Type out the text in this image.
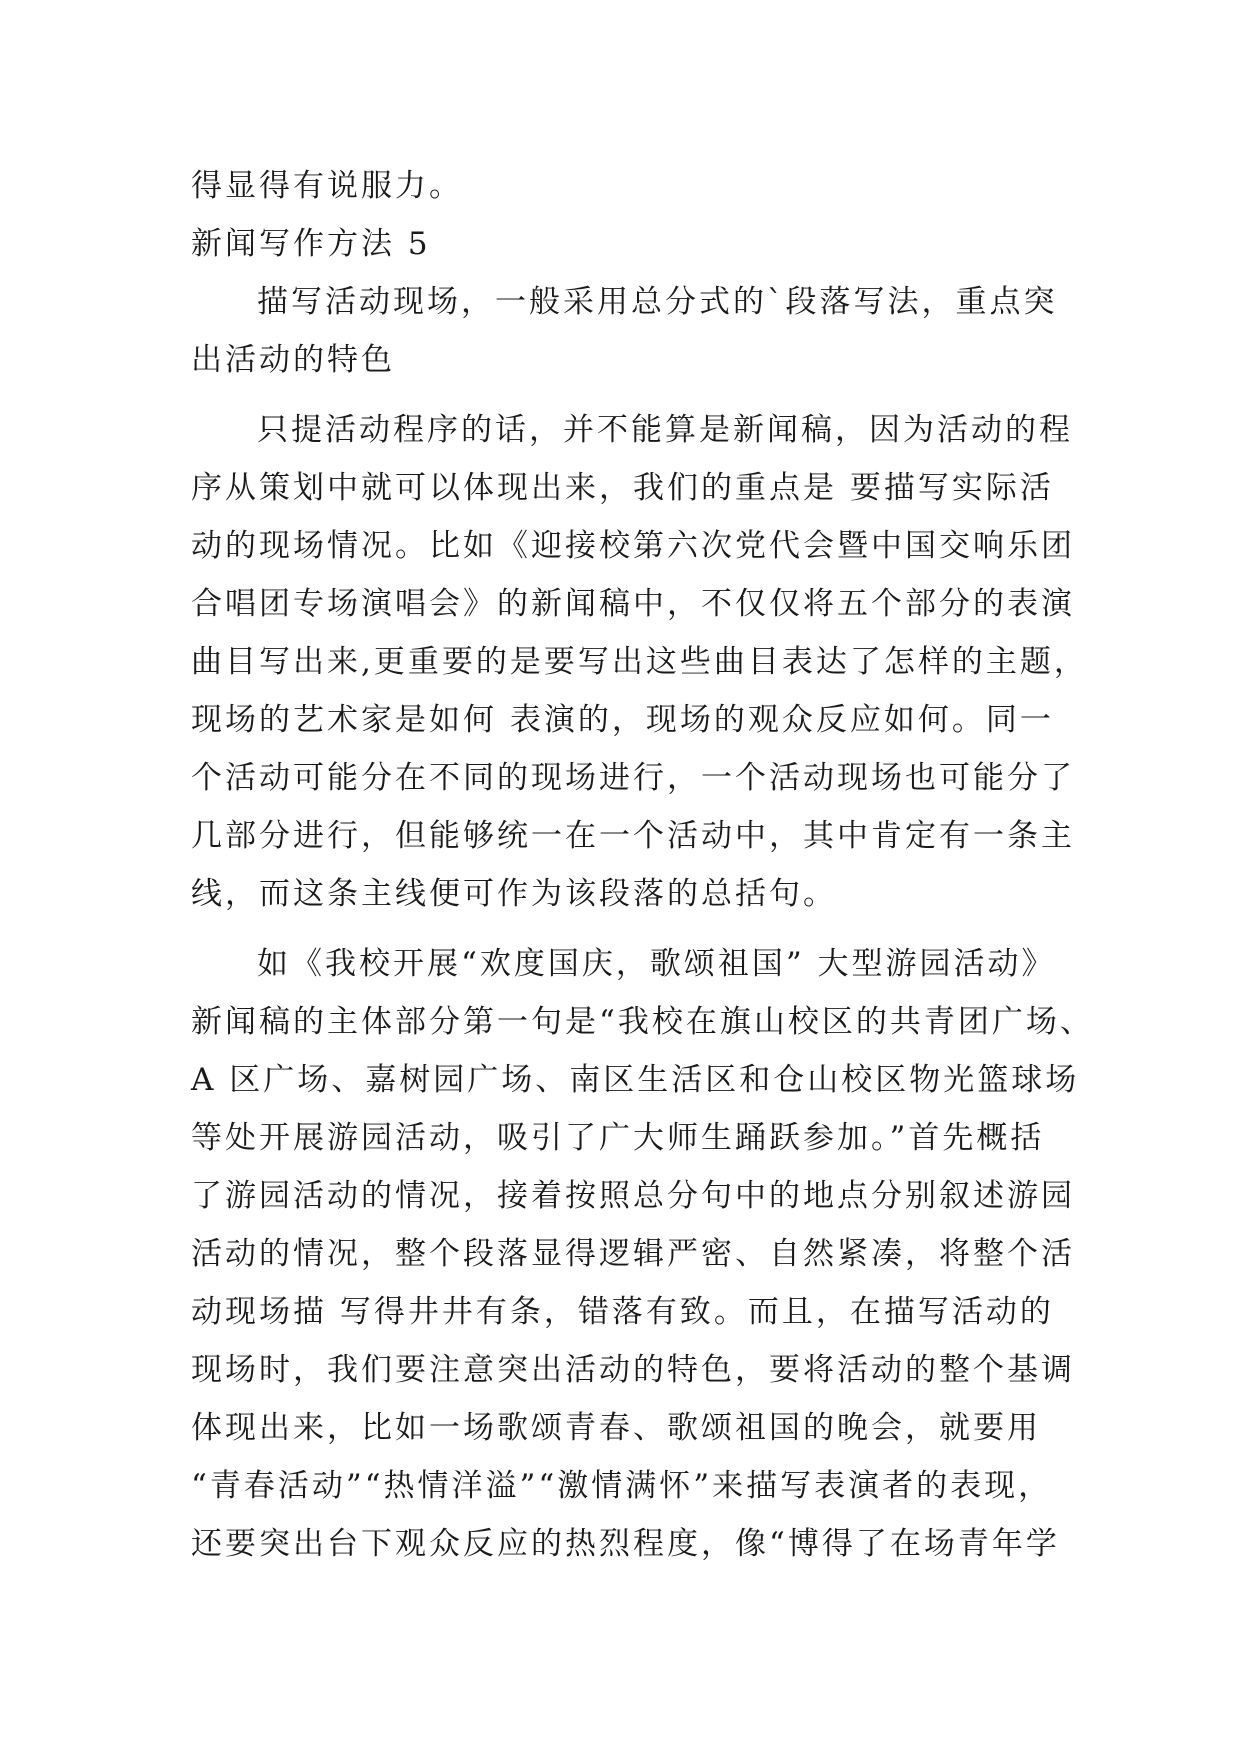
得显得有说服力。
新闻写作方法 5
描写活动现场，一般采用总分式的`段落写法，重点突
出活动的特色
只提活动程序的话，并不能算是新闻稿，因为活动的程
序从策划中就可以体现出来，我们的重点是 要描写实际活
动的现场情况。比如《迎接校第六次党代会暨中国交响乐团
合唱团专场演唱会》的新闻稿中，不仅仅将五个部分的表演
曲目写出来,更重要的是要写出这些曲目表达了怎样的主题，
现场的艺术家是如何 表演的，现场的观众反应如何。同一
个活动可能分在不同的现场进行，一个活动现场也可能分了
几部分进行，但能够统一在一个活动中，其中肯定有一条主
线，而这条主线便可作为该段落的总括句。
如《我校开展“欢度国庆，歌颂祖国” 大型游园活动》
新闻稿的主体部分第一句是“我校在旗山校区的共青团广场、
A 区广场、嘉树园广场、南区生活区和仓山校区物光篮球场
等处开展游园活动，吸引了广大师生踊跃参加。”首先概括
了游园活动的情况，接着按照总分句中的地点分别叙述游园
活动的情况，整个段落显得逻辑严密、自然紧凑，将整个活
动现场描 写得井井有条，错落有致。而且，在描写活动的
现场时，我们要注意突出活动的特色，要将活动的整个基调
体现出来，比如一场歌颂青春、歌颂祖国的晚会，就要用
“青春活动”“热情洋溢”“激情满怀”来描写表演者的表现，
还要突出台下观众反应的热烈程度，像“博得了在场青年学
